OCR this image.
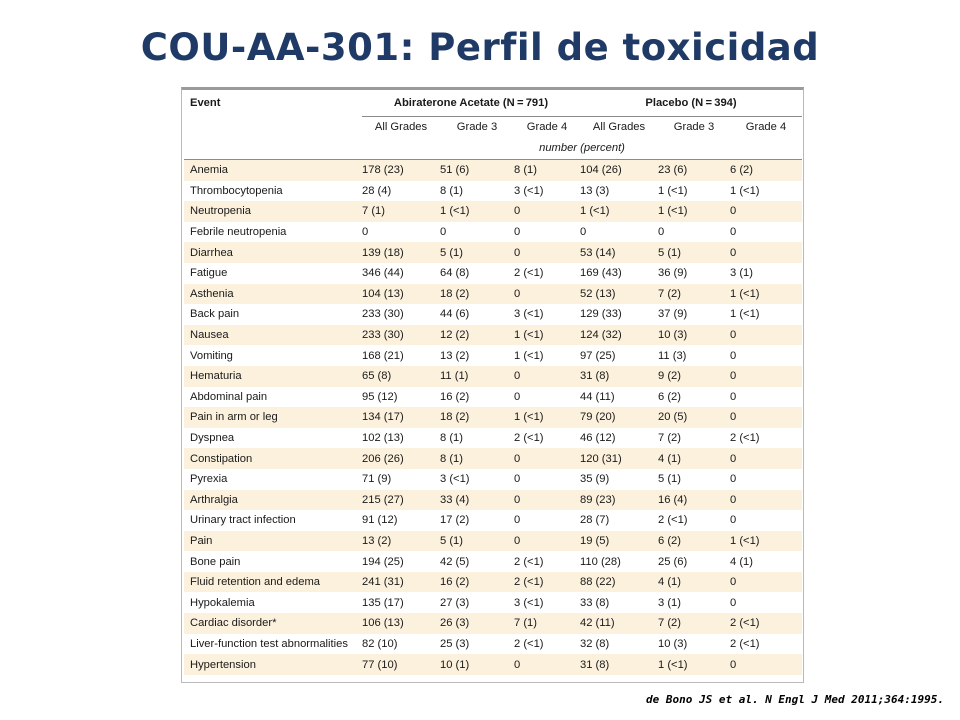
COU-AA-301: Perfil de toxicidad
Event	Abiraterone Acetate (N = 791)			Placebo (N = 394)		
	All Grades	Grade 3	Grade 4	All Grades	Grade 3	Grade 4
	number (percent)					
Anemia	178 (23)	51 (6)	8 (1)	104 (26)	23 (6)	6 (2)
Thrombocytopenia	28 (4)	8 (1)	3 (<1)	13 (3)	1 (<1)	1 (<1)
Neutropenia	7 (1)	1 (<1)	0	1 (<1)	1 (<1)	0
Febrile neutropenia	0	0	0	0	0	0
Diarrhea	139 (18)	5 (1)	0	53 (14)	5 (1)	0
Fatigue	346 (44)	64 (8)	2 (<1)	169 (43)	36 (9)	3 (1)
Asthenia	104 (13)	18 (2)	0	52 (13)	7 (2)	1 (<1)
Back pain	233 (30)	44 (6)	3 (<1)	129 (33)	37 (9)	1 (<1)
Nausea	233 (30)	12 (2)	1 (<1)	124 (32)	10 (3)	0
Vomiting	168 (21)	13 (2)	1 (<1)	97 (25)	11 (3)	0
Hematuria	65 (8)	11 (1)	0	31 (8)	9 (2)	0
Abdominal pain	95 (12)	16 (2)	0	44 (11)	6 (2)	0
Pain in arm or leg	134 (17)	18 (2)	1 (<1)	79 (20)	20 (5)	0
Dyspnea	102 (13)	8 (1)	2 (<1)	46 (12)	7 (2)	2 (<1)
Constipation	206 (26)	8 (1)	0	120 (31)	4 (1)	0
Pyrexia	71 (9)	3 (<1)	0	35 (9)	5 (1)	0
Arthralgia	215 (27)	33 (4)	0	89 (23)	16 (4)	0
Urinary tract infection	91 (12)	17 (2)	0	28 (7)	2 (<1)	0
Pain	13 (2)	5 (1)	0	19 (5)	6 (2)	1 (<1)
Bone pain	194 (25)	42 (5)	2 (<1)	110 (28)	25 (6)	4 (1)
Fluid retention and edema	241 (31)	16 (2)	2 (<1)	88 (22)	4 (1)	0
Hypokalemia	135 (17)	27 (3)	3 (<1)	33 (8)	3 (1)	0
Cardiac disorder*	106 (13)	26 (3)	7 (1)	42 (11)	7 (2)	2 (<1)
Liver-function test abnormalities	82 (10)	25 (3)	2 (<1)	32 (8)	10 (3)	2 (<1)
Hypertension	77 (10)	10 (1)	0	31 (8)	1 (<1)	0
de Bono JS et al. N Engl J Med 2011;364:1995.
